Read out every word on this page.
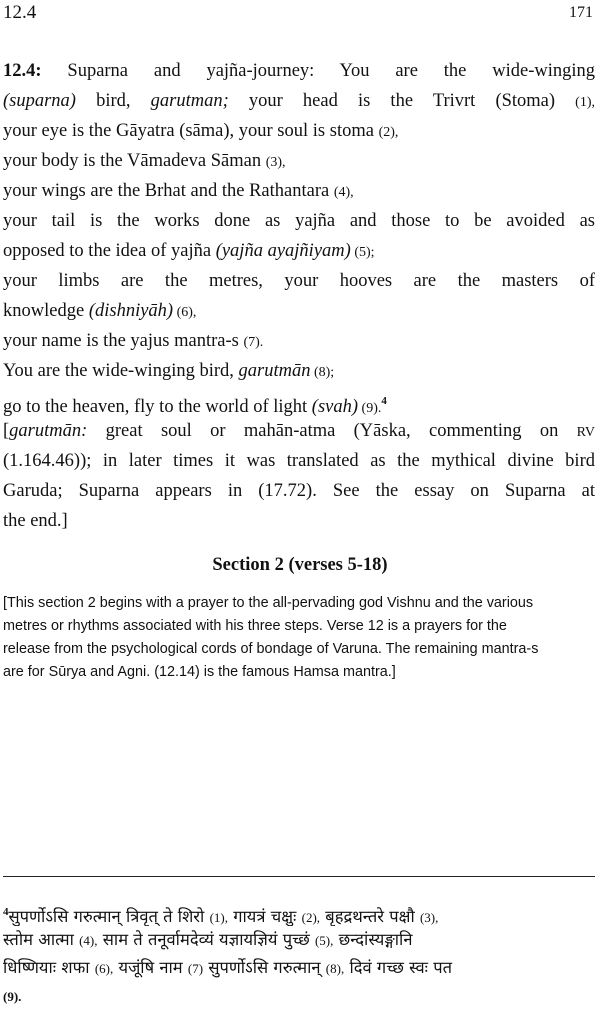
12.4	171
12.4: Suparna and yajña-journey: You are the wide-winging
(suparna) bird, garutman; your head is the Trivrt (Stoma) (1),
your eye is the Gāyatra (sāma), your soul is stoma (2),
your body is the Vāmadeva Sāman (3),
your wings are the Brhat and the Rathantara (4),
your tail is the works done as yajña and those to be avoided as
opposed to the idea of yajña (yajña ayajñiyam) (5);
your limbs are the metres, your hooves are the masters of
knowledge (dishniyāh) (6),
your name is the yajus mantra-s (7).
You are the wide-winging bird, garutmān (8);
go to the heaven, fly to the world of light (svah) (9).$^4$
[garutmān: great soul or mahān-atma (Yāska, commenting on RV
(1.164.46)); in later times it was translated as the mythical divine bird
Garuda; Suparna appears in (17.72). See the essay on Suparna at
the end.]
Section 2 (verses 5-18)
[This section 2 begins with a prayer to the all-pervading god Vishnu and the various
metres or rhythms associated with his three steps. Verse 12 is a prayers for the
release from the psychological cords of bondage of Varuna. The remaining mantra-s
are for Sūrya and Agni. (12.14) is the famous Hamsa mantra.]
$^4$सुपर्णोऽसि गरुत्मान् त्रिवृत् ते शिरो (1), गायत्रं चक्षुः (2), बृहद्रथन्तरे पक्षौ (3),
स्तोम आत्मा (4), साम ते तनूर्वामदेव्यं यज्ञायज्ञियं पुच्छं (5), छन्दांस्यङ्गानि
धिष्णियाः शफा (6), यजूंषि नाम (7) सुपर्णोऽसि गरुत्मान् (8), दिवं गच्छ स्वः पत
(9).
